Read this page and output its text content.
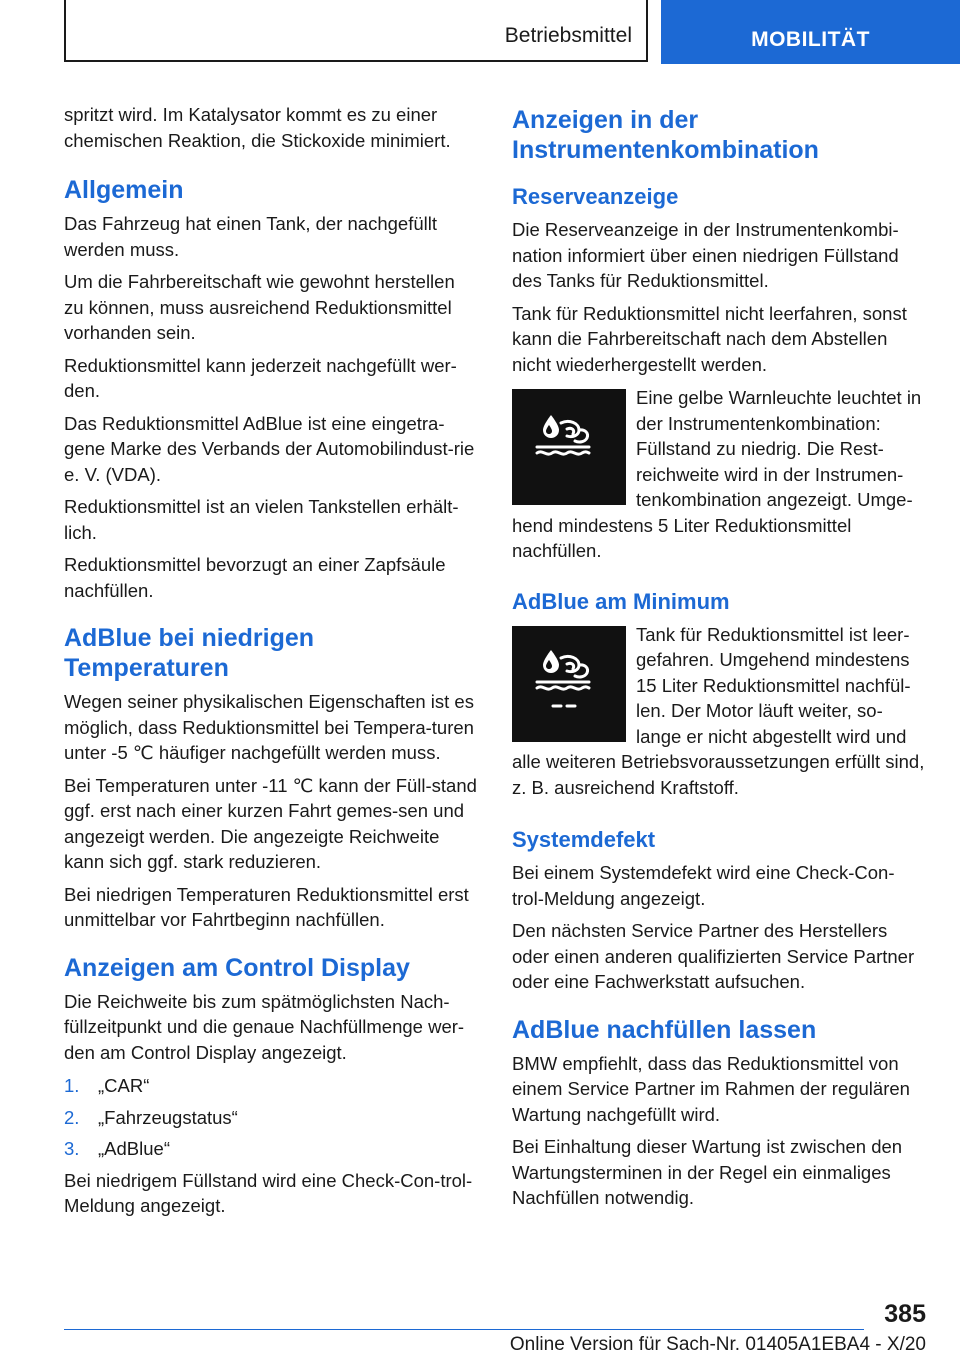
Betriebsmittel	MOBILITÄT

spritzt wird. Im Katalysator kommt es zu einer chemischen Reaktion, die Stickoxide minimiert.

Allgemein

Das Fahrzeug hat einen Tank, der nachgefüllt werden muss.

Um die Fahrbereitschaft wie gewohnt herstellen zu können, muss ausreichend Reduktionsmittel vorhanden sein.

Reduktionsmittel kann jederzeit nachgefüllt wer-den.

Das Reduktionsmittel AdBlue ist eine eingetra-gene Marke des Verbands der Automobilindust-rie e. V. (VDA).

Reduktionsmittel ist an vielen Tankstellen erhält-lich.

Reduktionsmittel bevorzugt an einer Zapfsäule nachfüllen.

AdBlue bei niedrigen Temperaturen

Wegen seiner physikalischen Eigenschaften ist es möglich, dass Reduktionsmittel bei Tempera-turen unter -5 ℃ häufiger nachgefüllt werden muss.

Bei Temperaturen unter -11 ℃ kann der Füll-stand ggf. erst nach einer kurzen Fahrt gemes-sen und angezeigt werden. Die angezeigte Reichweite kann sich ggf. stark reduzieren.

Bei niedrigen Temperaturen Reduktionsmittel erst unmittelbar vor Fahrtbeginn nachfüllen.

Anzeigen am Control Display

Die Reichweite bis zum spätmöglichsten Nach-füllzeitpunkt und die genaue Nachfüllmenge wer-den am Control Display angezeigt.

1.	„CAR“
2.	„Fahrzeugstatus“
3.	„AdBlue“

Bei niedrigem Füllstand wird eine Check-Con-trol-Meldung angezeigt.

Anzeigen in der Instrumentenkombination
Reserveanzeige

Die Reserveanzeige in der Instrumentenkombi-nation informiert über einen niedrigen Füllstand des Tanks für Reduktionsmittel.

Tank für Reduktionsmittel nicht leerfahren, sonst kann die Fahrbereitschaft nach dem Abstellen nicht wiederhergestellt werden.

Eine gelbe Warnleuchte leuchtet in der Instrumentenkombination: Füllstand zu niedrig. Die Rest-reichweite wird in der Instrumen-tenkombination angezeigt. Umge-hend mindestens 5 Liter Reduktionsmittel nachfüllen.
AdBlue am Minimum
Tank für Reduktionsmittel ist leer-gefahren. Umgehend mindestens 15 Liter Reduktionsmittel nachfül-len. Der Motor läuft weiter, so-lange er nicht abgestellt wird und alle weiteren Betriebsvoraussetzungen erfüllt sind, z. B. ausreichend Kraftstoff.
Systemdefekt

Bei einem Systemdefekt wird eine Check-Con-trol-Meldung angezeigt.

Den nächsten Service Partner des Herstellers oder einen anderen qualifizierten Service Partner oder eine Fachwerkstatt aufsuchen.

AdBlue nachfüllen lassen

BMW empfiehlt, dass das Reduktionsmittel von einem Service Partner im Rahmen der regulären Wartung nachgefüllt wird.

Bei Einhaltung dieser Wartung ist zwischen den Wartungsterminen in der Regel ein einmaliges Nachfüllen notwendig.

385
Online Version für Sach-Nr. 01405A1EBA4 - X/20
